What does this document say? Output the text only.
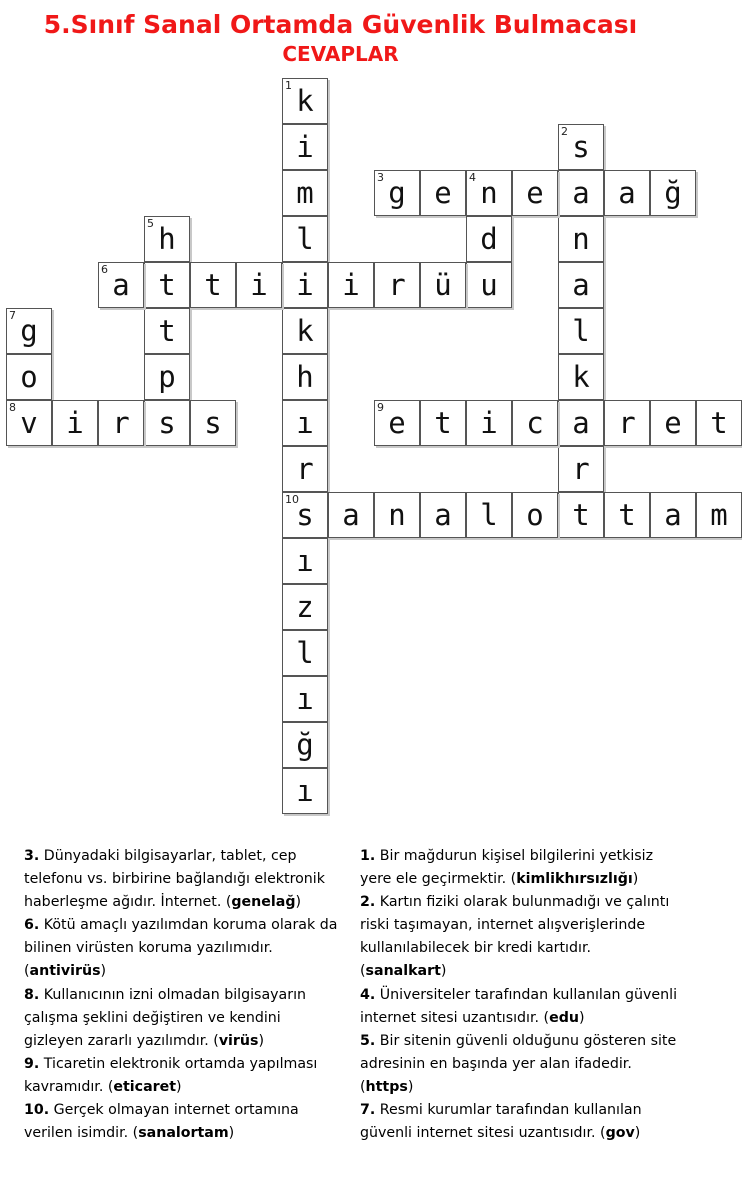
5.Sınıf Sanal Ortamda Güvenlik Bulmacası
CEVAPLAR
k
1
i
m
l
i
k
h
ı
r
s
10
ı
z
l
ı
ğ
ı
s
2
a
n
a
l
k
a
r
t
g
3	e n
4	e	a ğ
d
u
h
5
t
t
p
s
a
6	t i	i r ü
g
7
o
v
8	i r	s	e
9	t i c	r e t
a n a l o	t a m
3. Dünyadaki bilgisayarlar, tablet, cep telefonu vs. birbirine bağlandığı elektronik haberleşme ağıdır. İnternet. (genelağ)
6. Kötü amaçlı yazılımdan koruma olarak da bilinen virüsten koruma yazılımıdır. (antivirüs)
8. Kullanıcının izni olmadan bilgisayarın çalışma şeklini değiştiren ve kendini gizleyen zararlı yazılımdır. (virüs)
9. Ticaretin elektronik ortamda yapılması kavramıdır. (eticaret)
10. Gerçek olmayan internet ortamına verilen isimdir. (sanalortam)
1. Bir mağdurun kişisel bilgilerini yetkisiz yere ele geçirmektir. (kimlikhırsızlığı)
2. Kartın fiziki olarak bulunmadığı ve çalıntı riski taşımayan, internet alışverişlerinde kullanılabilecek bir kredi kartıdır. (sanalkart)
4. Üniversiteler tarafından kullanılan güvenli internet sitesi uzantısıdır. (edu)
5. Bir sitenin güvenli olduğunu gösteren site adresinin en başında yer alan ifadedir. (https)
7. Resmi kurumlar tarafından kullanılan güvenli internet sitesi uzantısıdır. (gov)
